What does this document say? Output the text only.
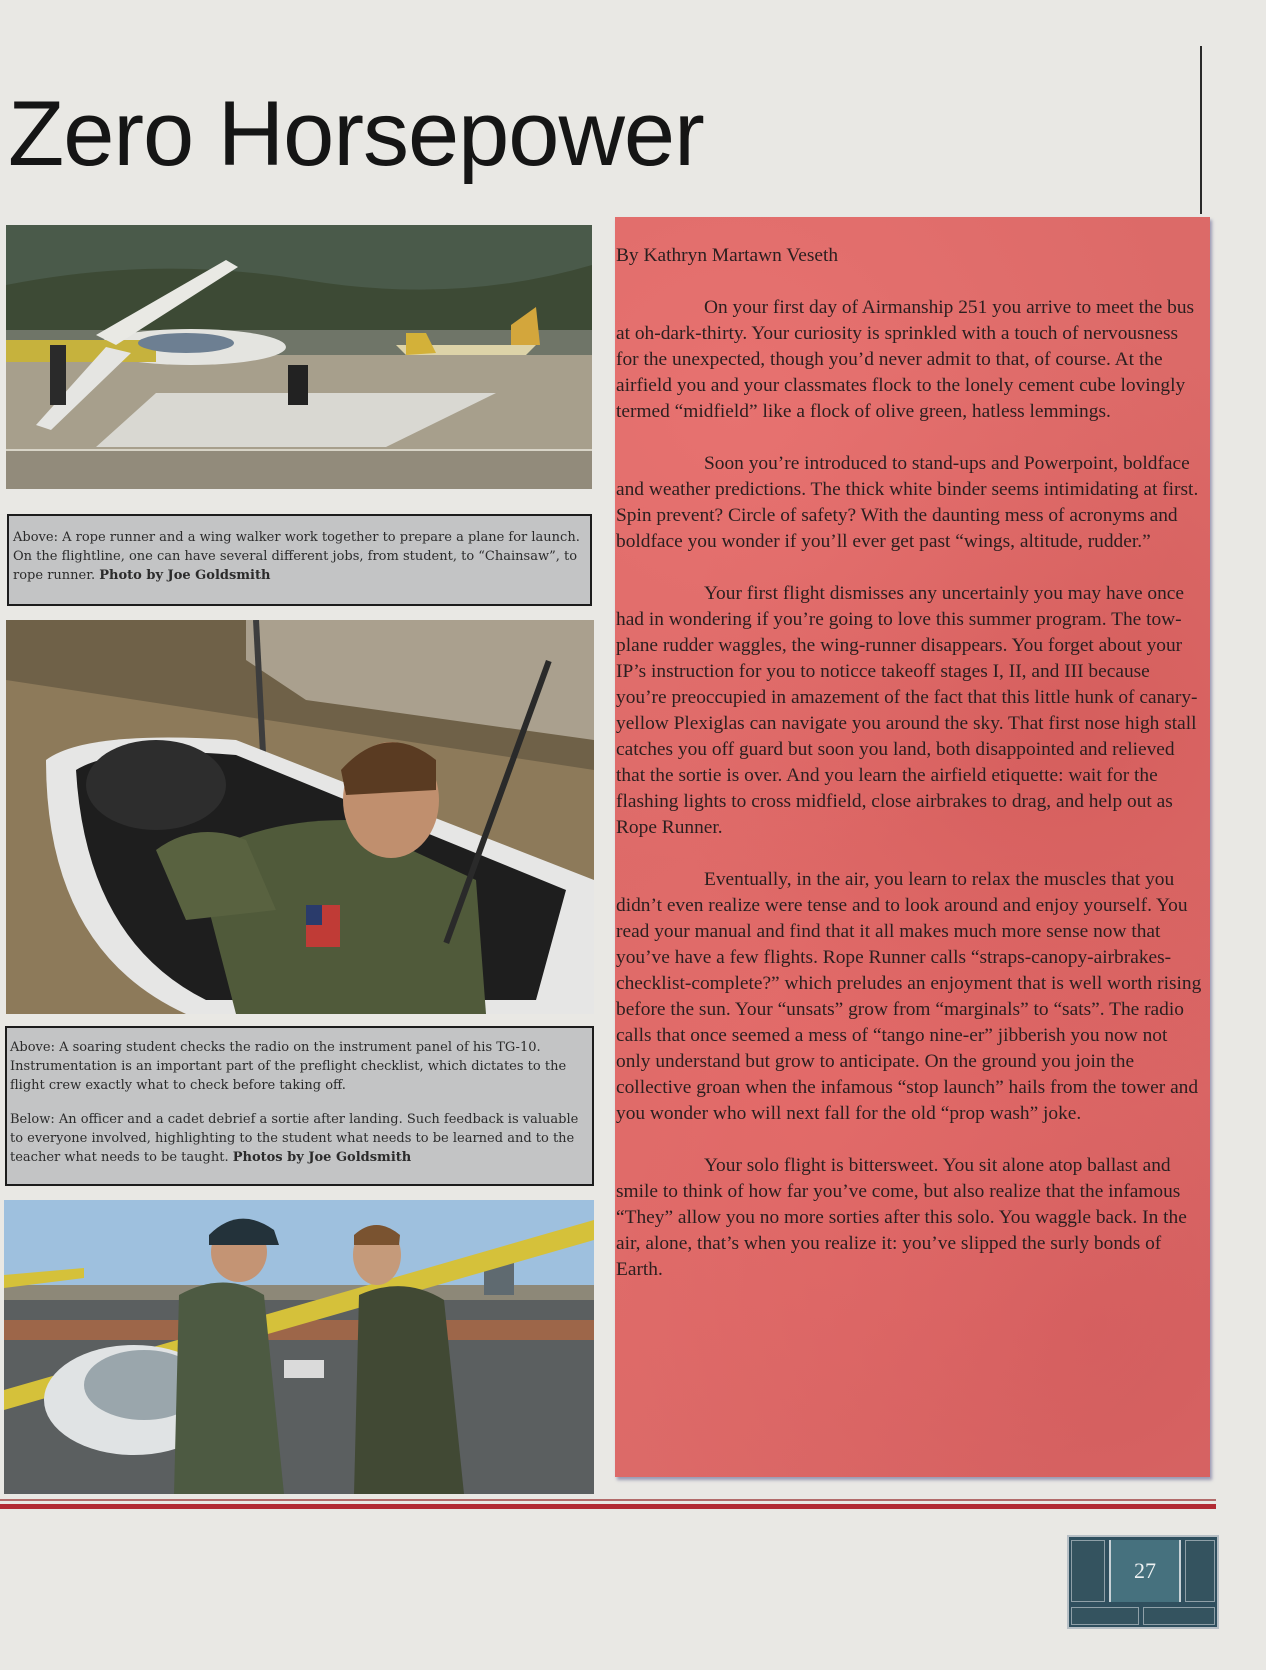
Zero Horsepower

Above: A rope runner and a wing walker work together to prepare a plane for launch. On the flightline, one can have several different jobs, from student, to “Chainsaw”, to rope runner. Photo by Joe Goldsmith

Above: A soaring student checks the radio on the instrument panel of his TG-10. Instrumentation is an important part of the preflight checklist, which dictates to the flight crew exactly what to check before taking off.

Below: An officer and a cadet debrief a sortie after landing. Such feedback is valuable to everyone involved, highlighting to the student what needs to be learned and to the teacher what needs to be taught. Photos by Joe Goldsmith

By Kathryn Martawn Veseth

On your first day of Airmanship 251 you arrive to meet the bus at oh-dark-thirty. Your curiosity is sprinkled with a touch of nervousness for the unexpected, though you’d never admit to that, of course. At the airfield you and your classmates flock to the lonely cement cube lovingly termed “midfield” like a flock of olive green, hatless lemmings.

Soon you’re introduced to stand-ups and Powerpoint, boldface and weather predictions. The thick white binder seems intimidating at first. Spin prevent? Circle of safety? With the daunting mess of acronyms and boldface you wonder if you’ll ever get past “wings, altitude, rudder.”

Your first flight dismisses any uncertainly you may have once had in wondering if you’re going to love this summer program. The tow-plane rudder waggles, the wing-runner disappears. You forget about your IP’s instruction for you to noticce takeoff stages I, II, and III because you’re preoccupied in amazement of the fact that this little hunk of canary-yellow Plexiglas can navigate you around the sky. That first nose high stall catches you off guard but soon you land, both disappointed and relieved that the sortie is over. And you learn the airfield etiquette: wait for the flashing lights to cross midfield, close airbrakes to drag, and help out as Rope Runner.

Eventually, in the air, you learn to relax the muscles that you didn’t even realize were tense and to look around and enjoy yourself. You read your manual and find that it all makes much more sense now that you’ve have a few flights. Rope Runner calls “straps-canopy-airbrakes-checklist-complete?” which preludes an enjoyment that is well worth rising before the sun. Your “unsats” grow from “marginals” to “sats”. The radio calls that once seemed a mess of “tango nine-er” jibberish you now not only understand but grow to anticipate. On the ground you join the collective groan when the infamous “stop launch” hails from the tower and you wonder who will next fall for the old “prop wash” joke.

Your solo flight is bittersweet. You sit alone atop ballast and smile to think of how far you’ve come, but also realize that the infamous “They” allow you no more sorties after this solo. You waggle back. In the air, alone, that’s when you realize it: you’ve slipped the surly bonds of Earth.

27
